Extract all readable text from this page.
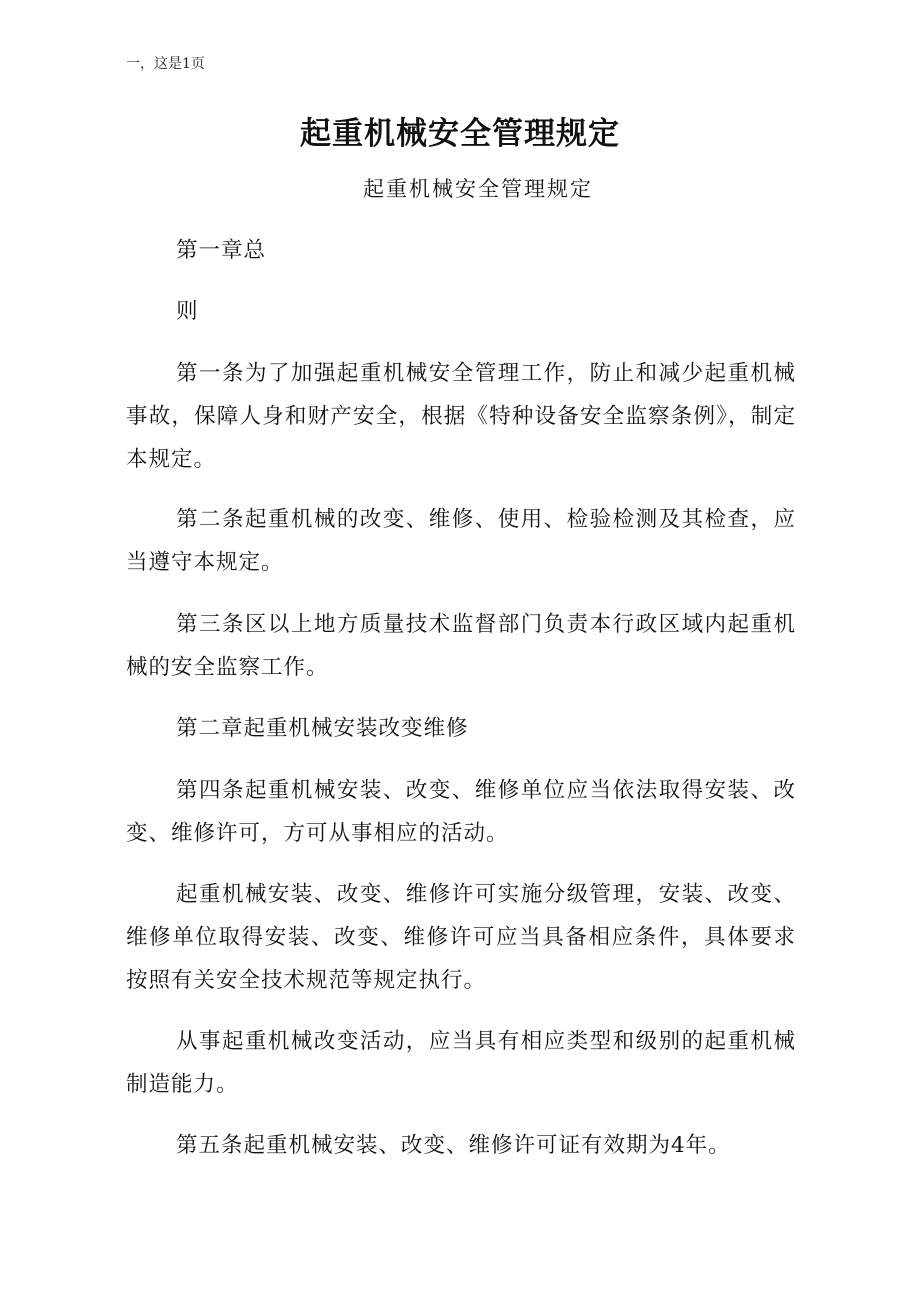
一，这是1页
起重机械安全管理规定
起重机械安全管理规定

第一章总

则

第一条为了加强起重机械安全管理工作，防止和减少起重机械事故，保障人身和财产安全，根据《特种设备安全监察条例》，制定本规定。

第二条起重机械的改变、维修、使用、检验检测及其检查，应当遵守本规定。

第三条区以上地方质量技术监督部门负责本行政区域内起重机械的安全监察工作。

第二章起重机械安装改变维修

第四条起重机械安装、改变、维修单位应当依法取得安装、改变、维修许可，方可从事相应的活动。

起重机械安装、改变、维修许可实施分级管理，安装、改变、维修单位取得安装、改变、维修许可应当具备相应条件，具体要求按照有关安全技术规范等规定执行。

从事起重机械改变活动，应当具有相应类型和级别的起重机械制造能力。

第五条起重机械安装、改变、维修许可证有效期为4年。
